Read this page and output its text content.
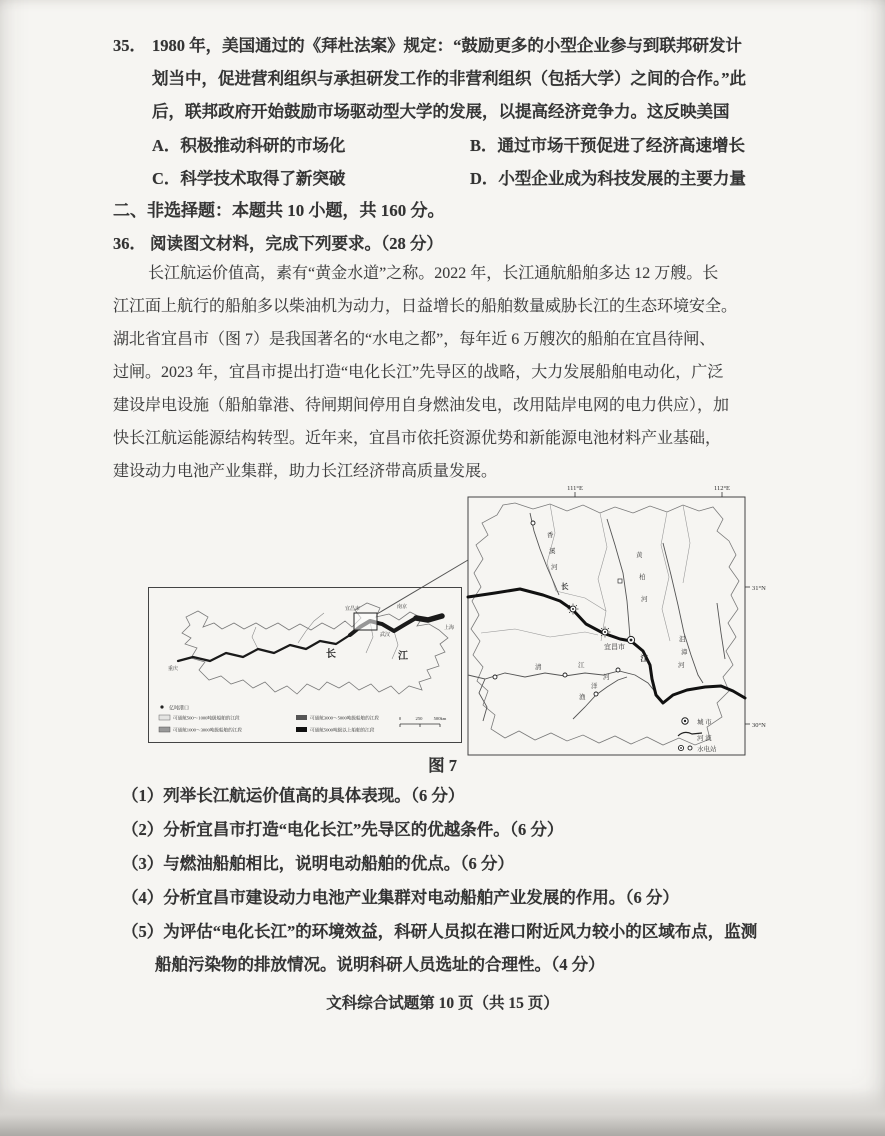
35． 1980 年，美国通过的《拜杜法案》规定：“鼓励更多的小型企业参与到联邦研发计
划当中，促进营利组织与承担研发工作的非营利组织（包括大学）之间的合作。”此
后，联邦政府开始鼓励市场驱动型大学的发展，以提高经济竞争力。这反映美国
A．积极推动科研的市场化	B．通过市场干预促进了经济高速增长
C．科学技术取得了新突破	D．小型企业成为科技发展的主要力量
二、非选择题：本题共 10 小题，共 160 分。
36． 阅读图文材料，完成下列要求。（28 分）
长江航运价值高，素有“黄金水道”之称。2022 年，长江通航船舶多达 12 万艘。长
江江面上航行的船舶多以柴油机为动力，日益增长的船舶数量威胁长江的生态环境安全。
湖北省宜昌市（图 7）是我国著名的“水电之都”，每年近 6 万艘次的船舶在宜昌待闸、
过闸。2023 年，宜昌市提出打造“电化长江”先导区的战略，大力发展船舶电动化，广泛
建设岸电设施（船舶靠港、待闸期间停用自身燃油发电，改用陆岸电网的电力供应），加
快长江航运能源结构转型。近年来，宜昌市依托资源优势和新能源电池材料产业基础，
建设动力电池产业集群，助力长江经济带高质量发展。
长	江
重庆
宜昌市
武汉
南京
上海
亿吨港口
可通航500～1000吨级船舶的江段
可通航1000～3000吨级船舶的江段
可通航3000～5000吨级船舶的江段
可通航5000吨级以上船舶的江段
0	250 500km
111°E	112°E
31°N
30°N
长
江
宜昌市
香
溪
河
黄
柏
河
沮
漳
河
清	江
渔
洋
河
城 市
河 流
水电站
图 7
（1）列举长江航运价值高的具体表现。（6 分）
（2）分析宜昌市打造“电化长江”先导区的优越条件。（6 分）
（3）与燃油船舶相比，说明电动船舶的优点。（6 分）
（4）分析宜昌市建设动力电池产业集群对电动船舶产业发展的作用。（6 分）
（5）为评估“电化长江”的环境效益，科研人员拟在港口附近风力较小的区域布点，监测
船舶污染物的排放情况。说明科研人员选址的合理性。（4 分）
文科综合试题第 10 页（共 15 页）
